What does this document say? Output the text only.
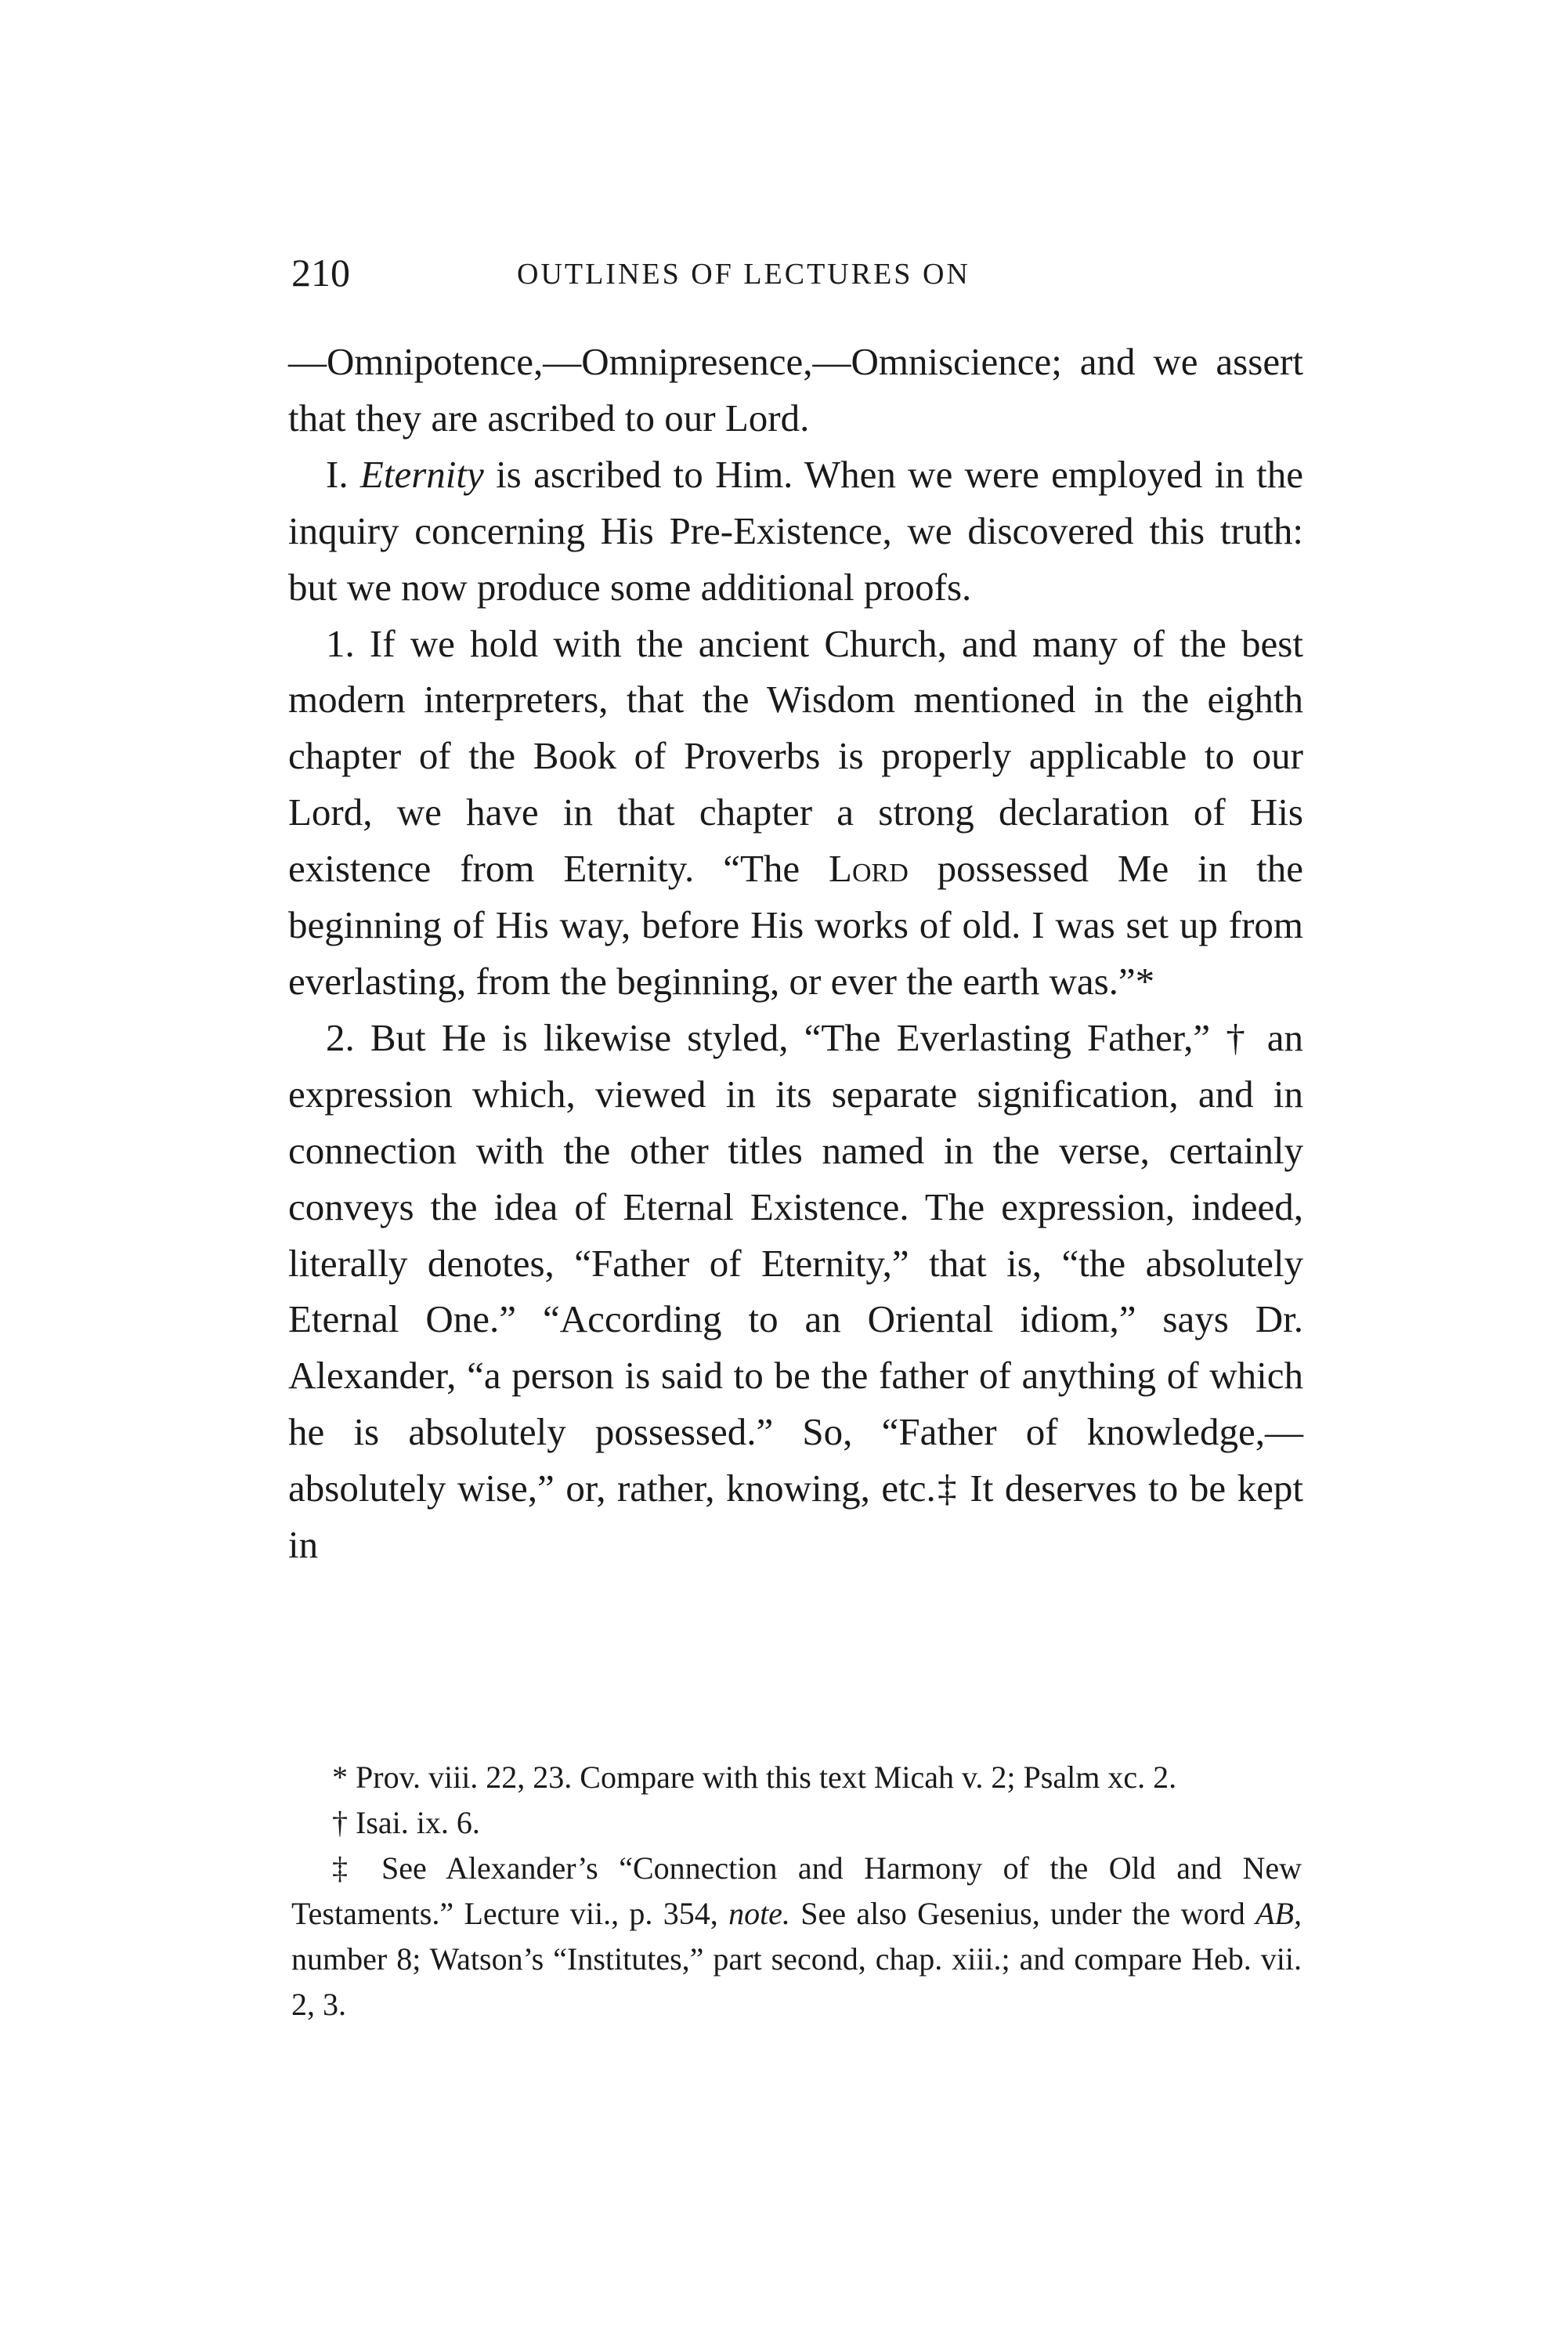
210	OUTLINES OF LECTURES ON

—Omnipotence,—Omnipresence,—Omniscience; and we assert that they are ascribed to our Lord.

I. Eternity is ascribed to Him. When we were employed in the inquiry concerning His Pre-Existence, we discovered this truth: but we now produce some additional proofs.

1. If we hold with the ancient Church, and many of the best modern interpreters, that the Wisdom mentioned in the eighth chapter of the Book of Proverbs is properly applicable to our Lord, we have in that chapter a strong declaration of His existence from Eternity. “The Lord possessed Me in the beginning of His way, before His works of old. I was set up from everlasting, from the beginning, or ever the earth was.”*

2. But He is likewise styled, “The Everlasting Father,” † an expression which, viewed in its separate signification, and in connection with the other titles named in the verse, certainly conveys the idea of Eternal Existence. The expression, indeed, literally denotes, “Father of Eternity,” that is, “the absolutely Eternal One.” “According to an Oriental idiom,” says Dr. Alexander, “a person is said to be the father of anything of which he is absolutely possessed.” So, “Father of knowledge,—absolutely wise,” or, rather, knowing, etc.‡ It deserves to be kept in

* Prov. viii. 22, 23. Compare with this text Micah v. 2; Psalm xc. 2.

† Isai. ix. 6.

‡ See Alexander’s “Connection and Harmony of the Old and New Testaments.” Lecture vii., p. 354, note. See also Gesenius, under the word AB, number 8; Watson’s “Institutes,” part second, chap. xiii.; and compare Heb. vii. 2, 3.
